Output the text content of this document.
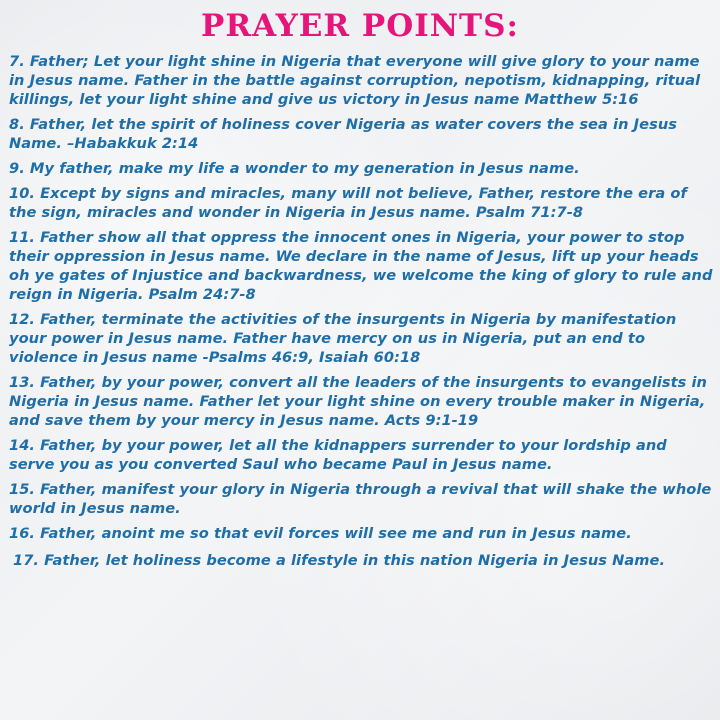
PRAYER POINTS:
7. Father; Let your light shine in Nigeria that everyone will give glory to your name in Jesus name. Father in the battle against corruption, nepotism, kidnapping, ritual killings, let your light shine and give us victory in Jesus name Matthew 5:16
8. Father, let the spirit of holiness cover Nigeria as water covers the sea in Jesus Name. –Habakkuk 2:14
9. My father, make my life a wonder to my generation in Jesus name.
10. Except by signs and miracles, many will not believe, Father, restore the era of the sign, miracles and wonder in Nigeria in Jesus name. Psalm 71:7-8
11. Father show all that oppress the innocent ones in Nigeria, your power to stop their oppression in Jesus name. We declare in the name of Jesus, lift up your heads oh ye gates of Injustice and backwardness, we welcome the king of glory to rule and reign in Nigeria. Psalm 24:7-8
12. Father, terminate the activities of the insurgents in Nigeria by manifestation your power in Jesus name. Father have mercy on us in Nigeria, put an end to violence in Jesus name -Psalms 46:9, Isaiah 60:18
13. Father, by your power, convert all the leaders of the insurgents to evangelists in Nigeria in Jesus name. Father let your light shine on every trouble maker in Nigeria, and save them by your mercy in Jesus name. Acts 9:1-19
14. Father, by your power, let all the kidnappers surrender to your lordship and serve you as you converted Saul who became Paul in Jesus name.
15. Father, manifest your glory in Nigeria through a revival that will shake the whole world in Jesus name.
16. Father, anoint me so that evil forces will see me and run in Jesus name.
17. Father, let holiness become a lifestyle in this nation Nigeria in Jesus Name.
